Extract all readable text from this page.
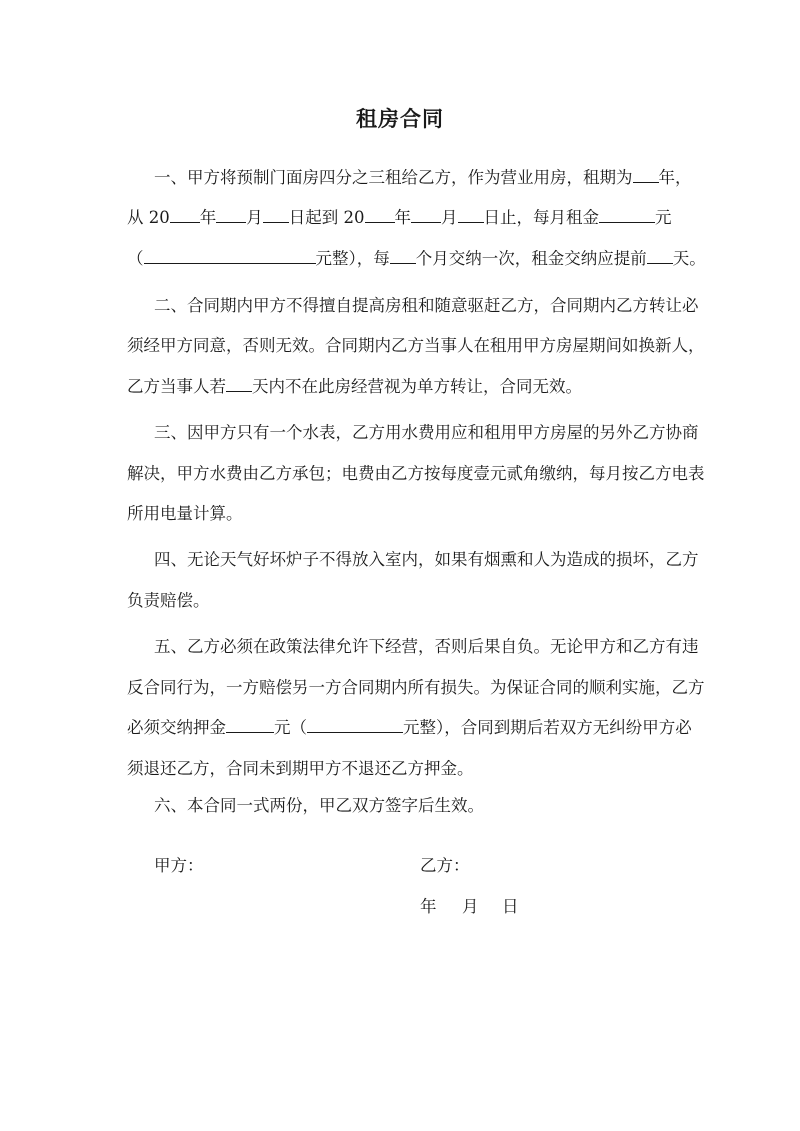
租房合同
一、甲方将预制门面房四分之三租给乙方，作为营业用房，租期为 年，
从 20 年 月 日起到 20 年 月 日止，每月租金	元
（	元整），每 个月交纳一次，租金交纳应提前 天。
二、合同期内甲方不得擅自提高房租和随意驱赶乙方，合同期内乙方转让必
须经甲方同意，否则无效。合同期内乙方当事人在租用甲方房屋期间如换新人，
乙方当事人若 天内不在此房经营视为单方转让，合同无效。
三、因甲方只有一个水表，乙方用水费用应和租用甲方房屋的另外乙方协商
解决，甲方水费由乙方承包；电费由乙方按每度壹元贰角缴纳，每月按乙方电表
所用电量计算。
四、无论天气好坏炉子不得放入室内，如果有烟熏和人为造成的损坏，乙方
负责赔偿。
五、乙方必须在政策法律允许下经营，否则后果自负。无论甲方和乙方有违
反合同行为，一方赔偿另一方合同期内所有损失。为保证合同的顺利实施，乙方
必须交纳押金	元（	元整），合同到期后若双方无纠纷甲方必
须退还乙方，合同未到期甲方不退还乙方押金。
六、本合同一式两份，甲乙双方签字后生效。
甲方：	乙方：
年 月 日
